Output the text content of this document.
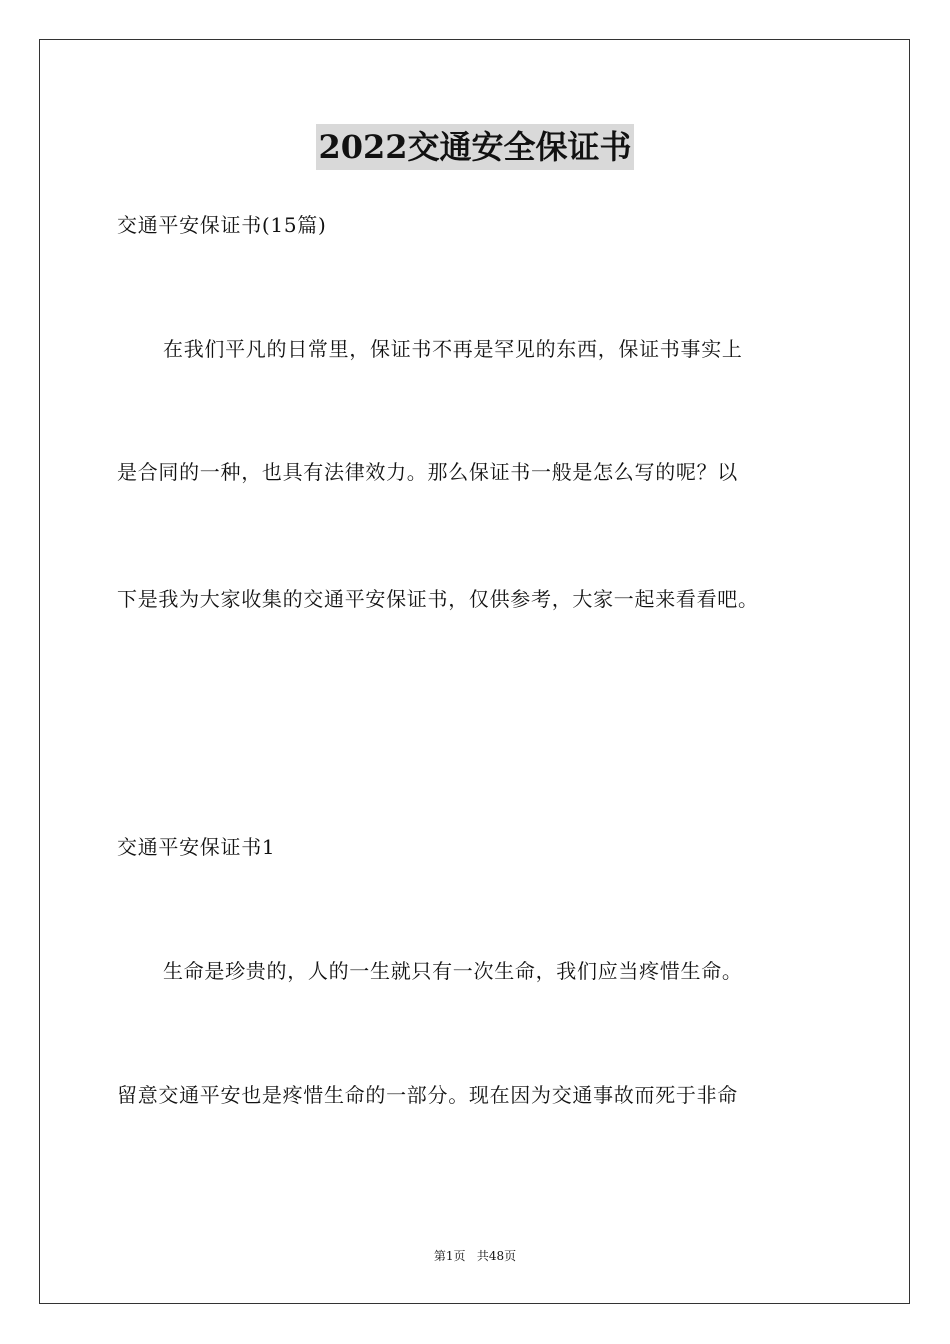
2022交通安全保证书
交通平安保证书(15篇)
在我们平凡的日常里，保证书不再是罕见的东西，保证书事实上
是合同的一种，也具有法律效力。那么保证书一般是怎么写的呢？以
下是我为大家收集的交通平安保证书，仅供参考，大家一起来看看吧。
交通平安保证书1
生命是珍贵的，人的一生就只有一次生命，我们应当疼惜生命。
留意交通平安也是疼惜生命的一部分。现在因为交通事故而死于非命
第1页 共48页
